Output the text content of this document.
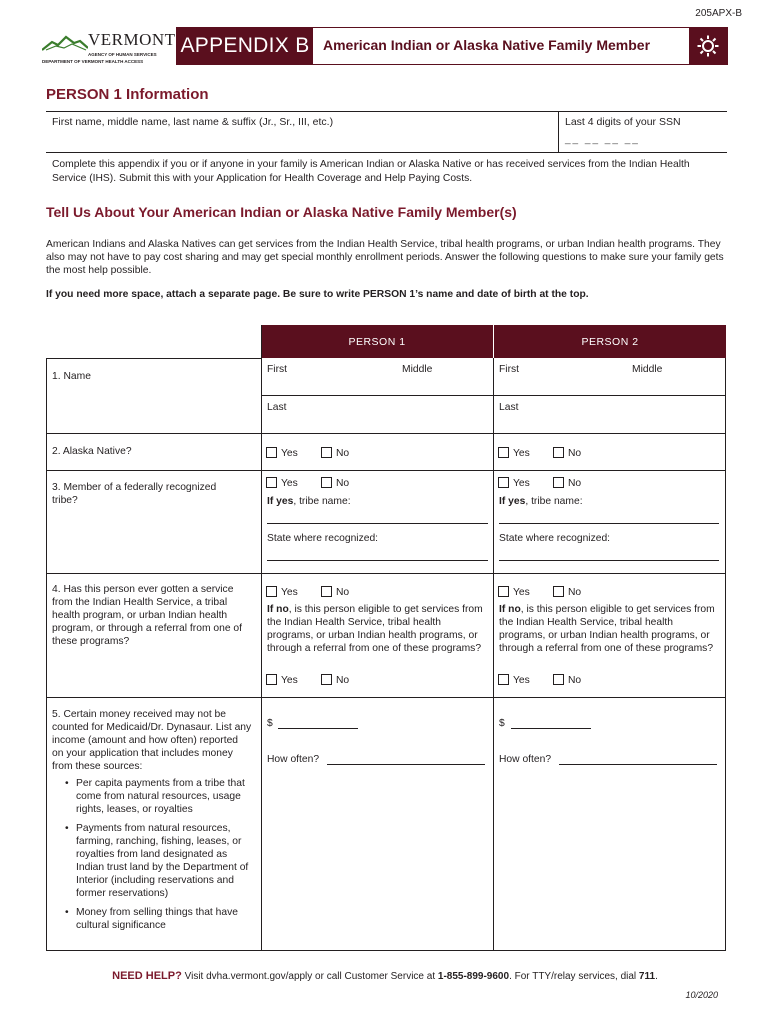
205APX-B
VERMONT
AGENCY OF HUMAN SERVICES
DEPARTMENT OF VERMONT HEALTH ACCESS
APPENDIX B American Indian or Alaska Native Family Member
PERSON 1 Information
First name, middle name, last name & suffix (Jr., Sr., III, etc.)	Last 4 digits of your SSN
__ __ __ __
Complete this appendix if you or if anyone in your family is American Indian or Alaska Native or has received services from the Indian Health Service (IHS). Submit this with your Application for Health Coverage and Help Paying Costs.
Tell Us About Your American Indian or Alaska Native Family Member(s)
American Indians and Alaska Natives can get services from the Indian Health Service, tribal health programs, or urban Indian health programs. They also may not have to pay cost sharing and may get special monthly enrollment periods. Answer the following questions to make sure your family gets the most help possible.
If you need more space, attach a separate page. Be sure to write PERSON 1’s name and date of birth at the top.
PERSON 1	PERSON 2
1. Name
First	Middle	First	Middle
Last	Last
2. Alaska Native?	Yes	No	Yes	No
3. Member of a federally recognized tribe?
Yes	No	Yes	No
If yes, tribe name:	If yes, tribe name:
State where recognized:	State where recognized:
4. Has this person ever gotten a service from the Indian Health Service, a tribal health program, or urban Indian health program, or through a referral from one of these programs?
Yes	No	Yes	No
If no, is this person eligible to get services from the Indian Health Service, tribal health programs, or urban Indian health programs, or through a referral from one of these programs?
If no, is this person eligible to get services from the Indian Health Service, tribal health programs, or urban Indian health programs, or through a referral from one of these programs?
Yes	No	Yes	No
5. Certain money received may not be counted for Medicaid/Dr. Dynasaur. List any income (amount and how often) reported on your application that includes money from these sources:
• Per capita payments from a tribe that come from natural resources, usage rights, leases, or royalties
• Payments from natural resources, farming, ranching, fishing, leases, or royalties from land designated as Indian trust land by the Department of Interior (including reservations and former reservations)
• Money from selling things that have cultural significance
$	$
How often?	How often?
NEED HELP? Visit dvha.vermont.gov/apply or call Customer Service at 1-855-899-9600. For TTY/relay services, dial 711.
10/2020
